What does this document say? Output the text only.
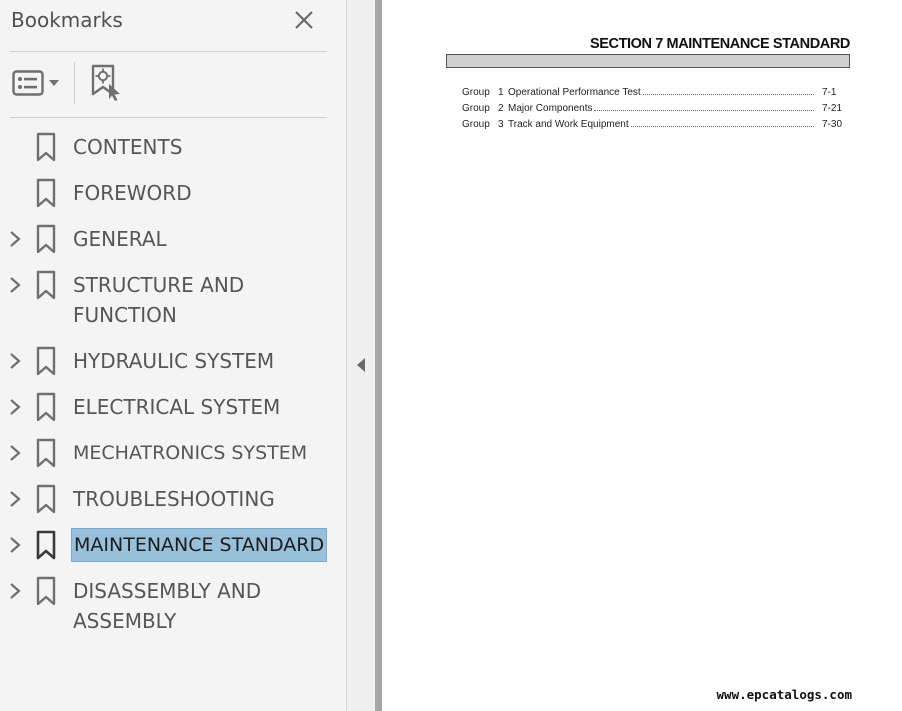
Bookmarks
CONTENTS
FOREWORD
GENERAL
STRUCTURE AND FUNCTION
HYDRAULIC SYSTEM
ELECTRICAL SYSTEM
MECHATRONICS SYSTEM
TROUBLESHOOTING
MAINTENANCE STANDARD
DISASSEMBLY AND ASSEMBLY
SECTION 7 MAINTENANCE STANDARD
Group 1 Operational Performance Test	7-1
Group 2 Major Components	7-21
Group 3 Track and Work Equipment	7-30
www.epcatalogs.com
